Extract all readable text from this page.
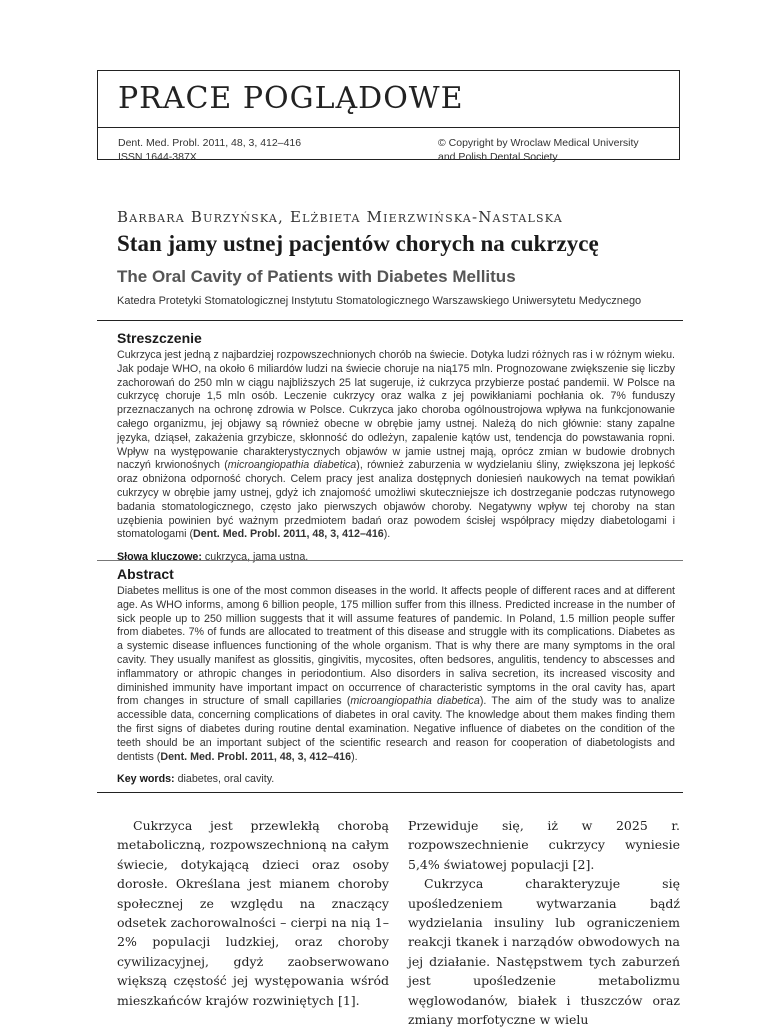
PRACE POGLĄDOWE
Dent. Med. Probl. 2011, 48, 3, 412–416
ISSN 1644-387X
© Copyright by Wroclaw Medical University
and Polish Dental Society
Barbara Burzyńska, Elżbieta Mierzwińska-Nastalska
Stan jamy ustnej pacjentów chorych na cukrzycę
The Oral Cavity of Patients with Diabetes Mellitus
Katedra Protetyki Stomatologicznej Instytutu Stomatologicznego Warszawskiego Uniwersytetu Medycznego
Streszczenie

Cukrzyca jest jedną z najbardziej rozpowszechnionych chorób na świecie. Dotyka ludzi różnych ras i w różnym wieku. Jak podaje WHO, na około 6 miliardów ludzi na świecie choruje na nią175 mln. Prognozowane zwiększenie się liczby zachorowań do 250 mln w ciągu najbliższych 25 lat sugeruje, iż cukrzyca przybierze postać pandemii. W Polsce na cukrzycę choruje 1,5 mln osób. Leczenie cukrzycy oraz walka z jej powikłaniami pochłania ok. 7% funduszy przeznaczanych na ochronę zdrowia w Polsce. Cukrzyca jako choroba ogólnoustrojowa wpływa na funkcjonowanie całego organizmu, jej objawy są również obecne w obrębie jamy ustnej. Należą do nich głównie: stany zapalne języka, dziąseł, zakażenia grzybicze, skłonność do odleżyn, zapalenie kątów ust, tendencja do powstawania ropni. Wpływ na występowanie charakterystycznych objawów w jamie ustnej mają, oprócz zmian w budowie drobnych naczyń krwionośnych (microangiopathia diabetica), również zaburzenia w wydzielaniu śliny, zwiększona jej lepkość oraz obniżona odporność chorych. Celem pracy jest analiza dostępnych doniesień naukowych na temat powikłań cukrzycy w obrębie jamy ustnej, gdyż ich znajomość umożliwi skuteczniejsze ich dostrzeganie podczas rutynowego badania stomatologicznego, często jako pierwszych objawów choroby. Negatywny wpływ tej choroby na stan uzębienia powinien być ważnym przedmiotem badań oraz powodem ścisłej współpracy między diabetologami i stomatologami (Dent. Med. Probl. 2011, 48, 3, 412–416).

Słowa kluczowe: cukrzyca, jama ustna.
Abstract

Diabetes mellitus is one of the most common diseases in the world. It affects people of different races and at different age. As WHO informs, among 6 billion people, 175 million suffer from this illness. Predicted increase in the number of sick people up to 250 million suggests that it will assume features of pandemic. In Poland, 1.5 million people suffer from diabetes. 7% of funds are allocated to treatment of this disease and struggle with its complications. Diabetes as a systemic disease influences functioning of the whole organism. That is why there are many symptoms in the oral cavity. They usually manifest as glossitis, gingivitis, mycosites, often bedsores, angulitis, tendency to abscesses and inflammatory or athropic changes in periodontium. Also disorders in saliva secretion, its increased viscosity and diminished immunity have important impact on occurrence of characteristic symptoms in the oral cavity has, apart from changes in structure of small capillaries (microangiopathia diabetica). The aim of the study was to analize accessible data, concerning complications of diabetes in oral cavity. The knowledge about them makes finding them the first signs of diabetes during routine dental examination. Negative influence of diabetes on the condition of the teeth should be an important subject of the scientific research and reason for cooperation of diabetologists and dentists (Dent. Med. Probl. 2011, 48, 3, 412–416).

Key words: diabetes, oral cavity.

Cukrzyca jest przewlekłą chorobą metaboliczną, rozpowszechnioną na całym świecie, dotykającą dzieci oraz osoby dorosłe. Określana jest mianem choroby społecznej ze względu na znaczący odsetek zachorowalności – cierpi na nią 1–2% populacji ludzkiej, oraz choroby cywilizacyjnej, gdyż zaobserwowano większą częstość jej występowania wśród mieszkańców krajów rozwiniętych [1].

Przewiduje się, iż w 2025 r. rozpowszechnienie cukrzycy wyniesie 5,4% światowej populacji [2].

Cukrzyca charakteryzuje się upośledzeniem wytwarzania bądź wydzielania insuliny lub ograniczeniem reakcji tkanek i narządów obwodowych na jej działanie. Następstwem tych zaburzeń jest upośledzenie metabolizmu węglowodanów, białek i tłuszczów oraz zmiany morfotyczne w wielu
